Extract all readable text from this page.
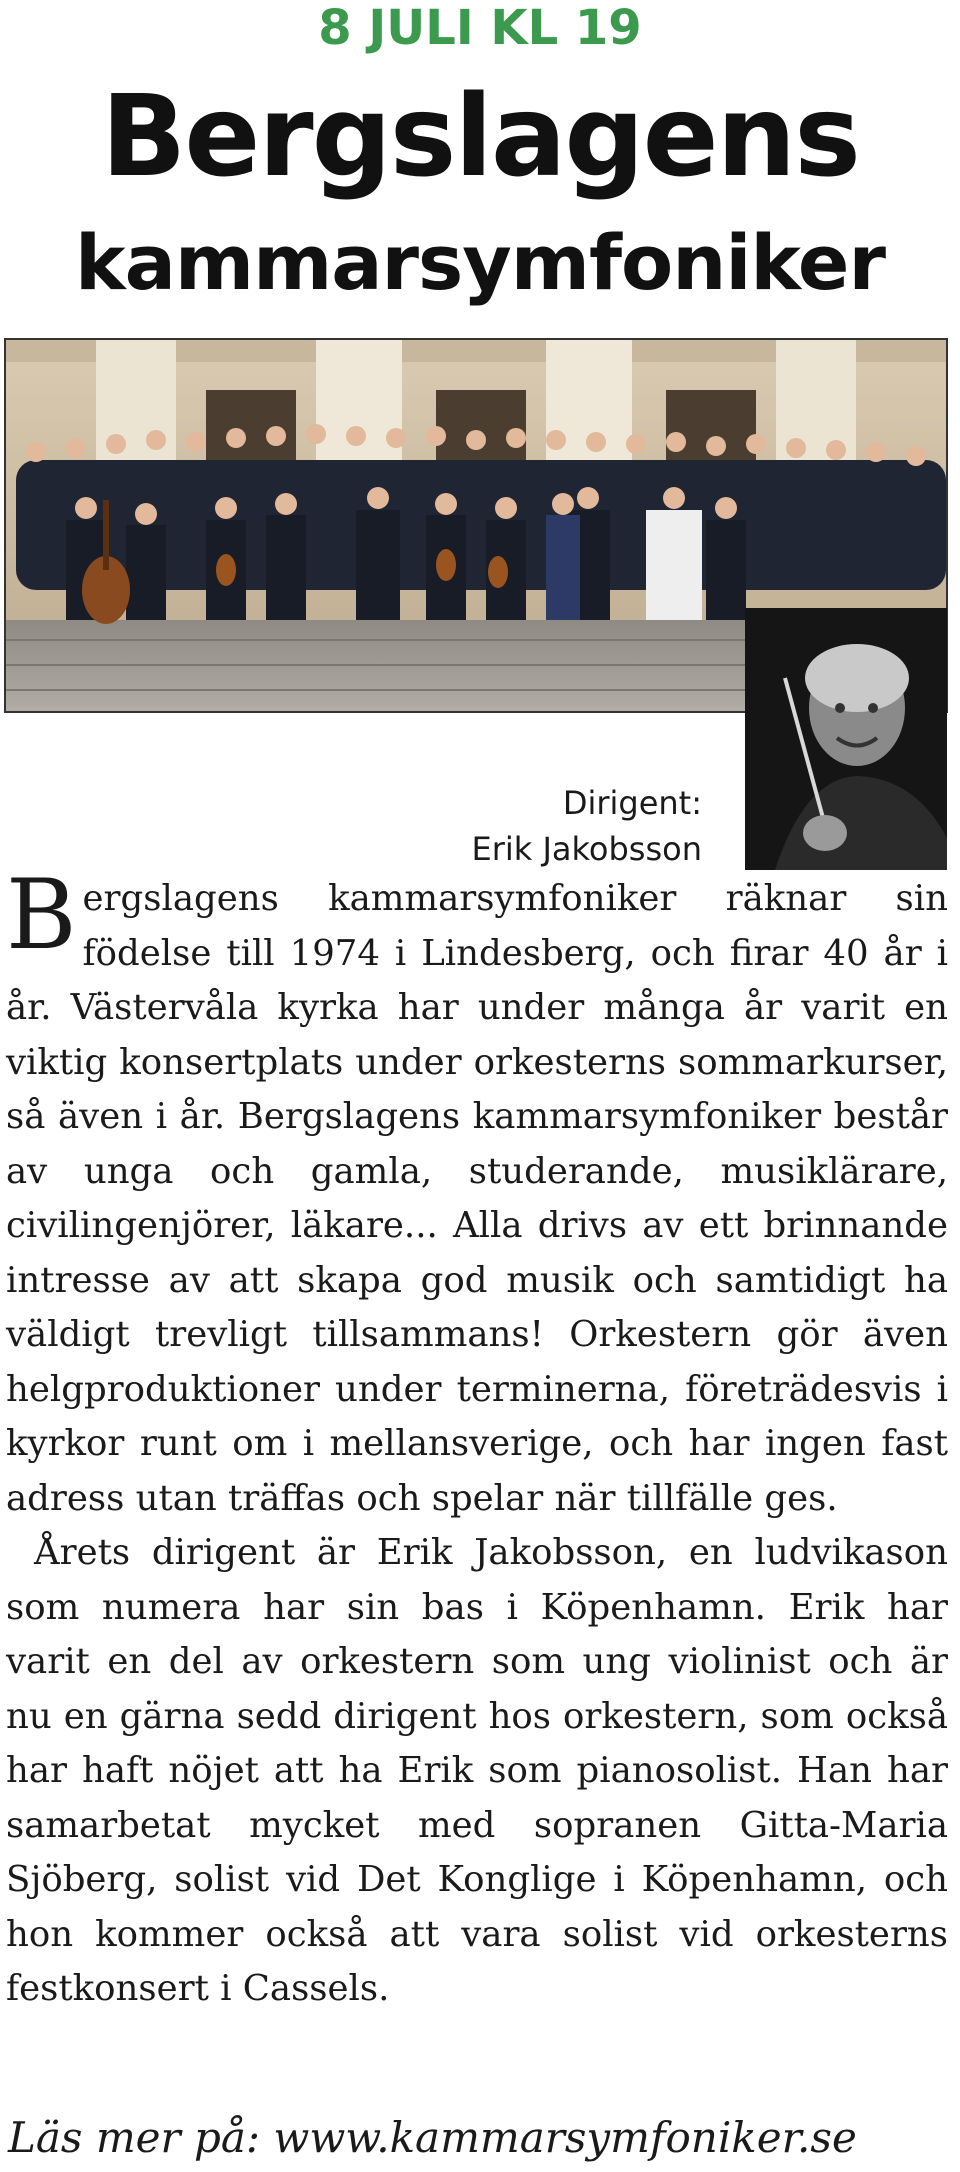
8 JULI KL 19
Bergslagens
kammarsymfoniker
Dirigent:
Erik Jakobsson

Bergslagens kammarsymfoniker räknar sin födelse till 1974 i Lindesberg, och firar 40 år i år. Västervåla kyrka har under många år varit en viktig konsertplats under orkesterns sommarkurser, så även i år. Bergslagens kammarsymfoniker består av unga och gamla, studerande, musiklärare, civilingenjörer, läkare... Alla drivs av ett brinnande intresse av att skapa god musik och samtidigt ha väldigt trevligt tillsammans! Orkestern gör även helgproduktioner under terminerna, företrädesvis i kyrkor runt om i mellansverige, och har ingen fast adress utan träffas och spelar när tillfälle ges.

Årets dirigent är Erik Jakobsson, en ludvikason som numera har sin bas i Köpenhamn. Erik har varit en del av orkestern som ung violinist och är nu en gärna sedd dirigent hos orkestern, som också har haft nöjet att ha Erik som pianosolist. Han har samarbetat mycket med sopranen Gitta-Maria Sjöberg, solist vid Det Konglige i Köpenhamn, och hon kommer också att vara solist vid orkesterns festkonsert i Cassels.

Läs mer på: www.kammarsymfoniker.se
